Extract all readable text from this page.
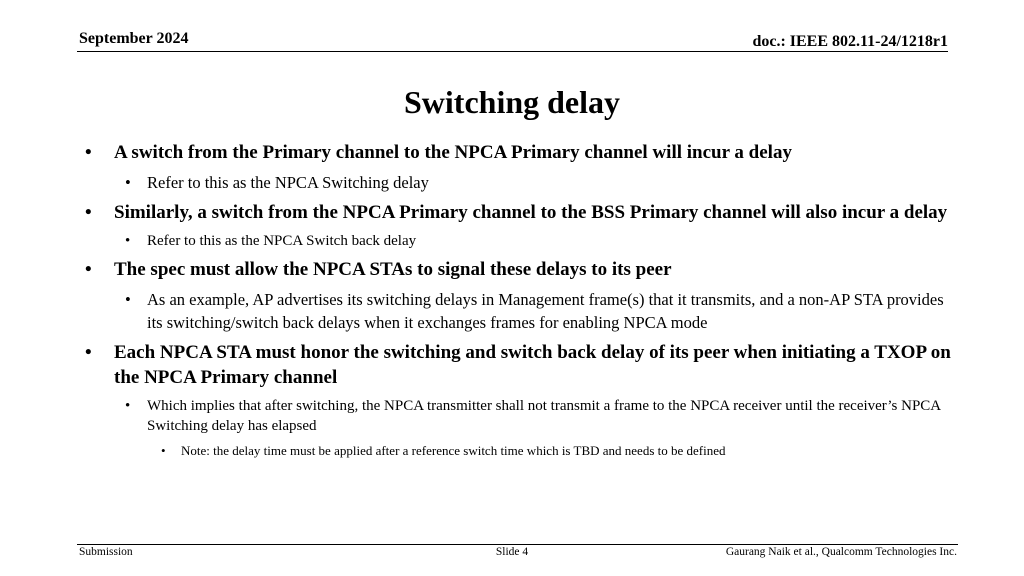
September 2024	doc.: IEEE 802.11-24/1218r1
Switching delay
• A switch from the Primary channel to the NPCA Primary channel will incur a delay
• Refer to this as the NPCA Switching delay
• Similarly, a switch from the NPCA Primary channel to the BSS Primary channel will also incur a delay
• Refer to this as the NPCA Switch back delay
• The spec must allow the NPCA STAs to signal these delays to its peer
• As an example, AP advertises its switching delays in Management frame(s) that it transmits, and a non-AP STA provides its switching/switch back delays when it exchanges frames for enabling NPCA mode
• Each NPCA STA must honor the switching and switch back delay of its peer when initiating a TXOP on the NPCA Primary channel
• Which implies that after switching, the NPCA transmitter shall not transmit a frame to the NPCA receiver until the receiver’s NPCA Switching delay has elapsed
• Note: the delay time must be applied after a reference switch time which is TBD and needs to be defined
Submission	Slide 4	Gaurang Naik et al., Qualcomm Technologies Inc.
